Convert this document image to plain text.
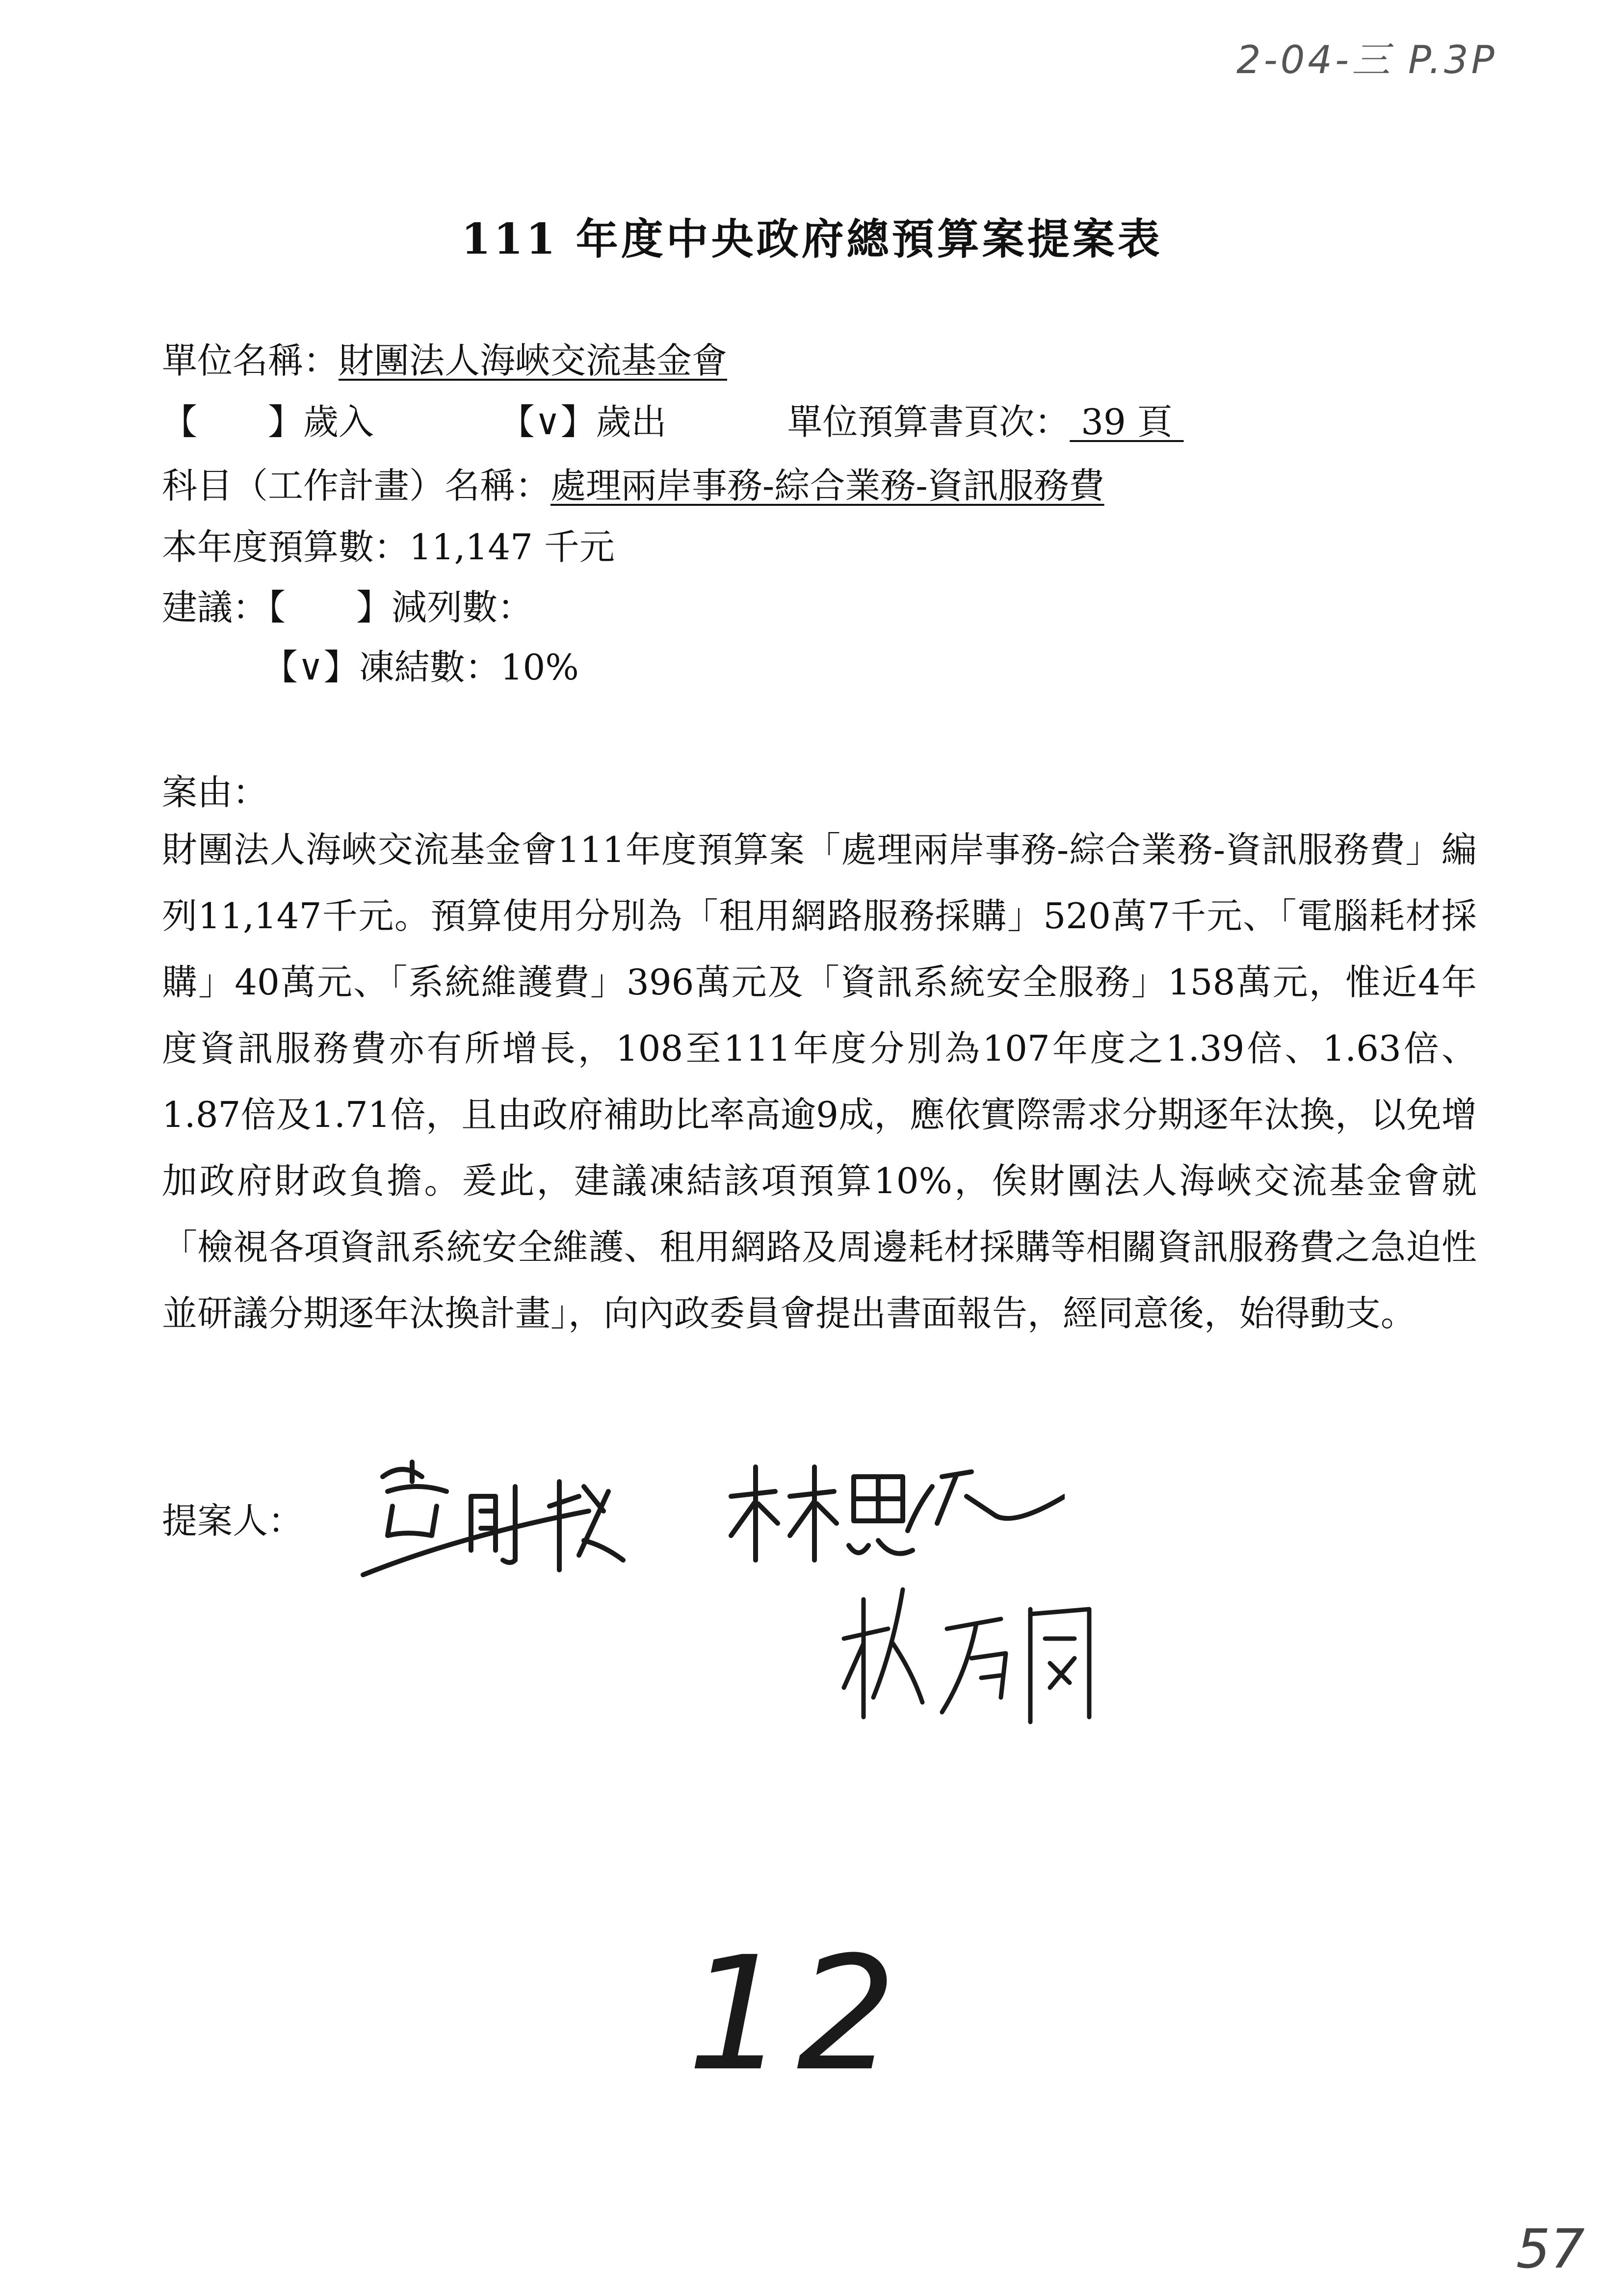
2-04-三 P.3P
111 年度中央政府總預算案提案表
單位名稱：財團法人海峽交流基金會
【　　】歲入	【∨】歲出	單位預算書頁次： 39 頁
科目（工作計畫）名稱：處理兩岸事務-綜合業務-資訊服務費
本年度預算數：11,147 千元
建議：【　　】減列數：
【∨】凍結數：10%
案由：
財團法人海峽交流基金會111年度預算案「處理兩岸事務-綜合業務-資訊服務費」編列11,147千元。預算使用分別為「租用網路服務採購」520萬7千元、「電腦耗材採購」40萬元、「系統維護費」396萬元及「資訊系統安全服務」158萬元，惟近4年度資訊服務費亦有所增長，108至111年度分別為107年度之1.39倍、1.63倍、1.87倍及1.71倍，且由政府補助比率高逾9成，應依實際需求分期逐年汰換，以免增加政府財政負擔。爰此，建議凍結該項預算10%，俟財團法人海峽交流基金會就「檢視各項資訊系統安全維護、租用網路及周邊耗材採購等相關資訊服務費之急迫性並研議分期逐年汰換計畫」，向內政委員會提出書面報告，經同意後，始得動支。
提案人：
12
57
